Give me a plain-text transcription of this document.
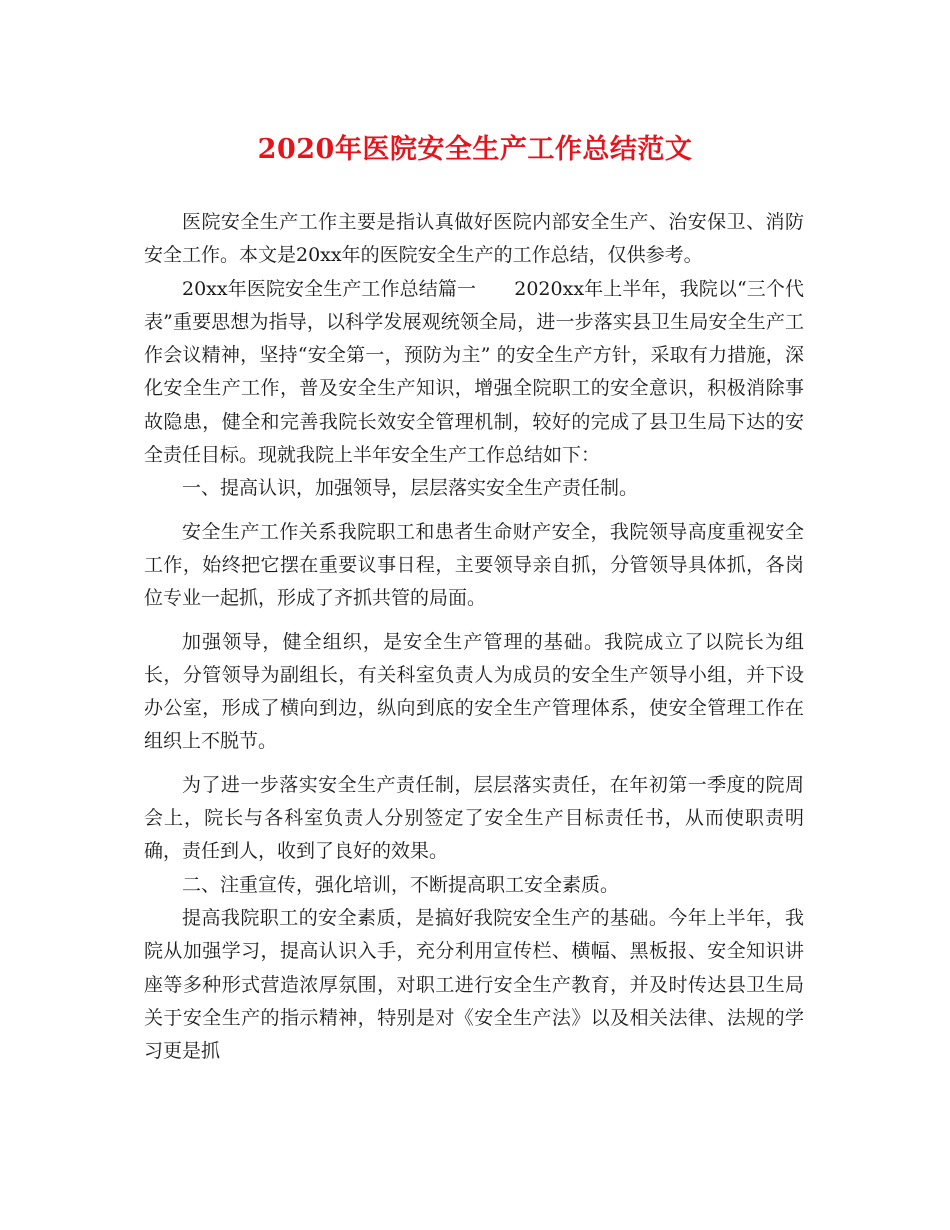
2020年医院安全生产工作总结范文

医院安全生产工作主要是指认真做好医院内部安全生产、治安保卫、消防安全工作。本文是20xx年的医院安全生产的工作总结，仅供参考。

20xx年医院安全生产工作总结篇一　　2020xx年上半年，我院以“三个代表”重要思想为指导，以科学发展观统领全局，进一步落实县卫生局安全生产工作会议精神，坚持“安全第一，预防为主” 的安全生产方针，采取有力措施，深化安全生产工作，普及安全生产知识，增强全院职工的安全意识，积极消除事故隐患，健全和完善我院长效安全管理机制，较好的完成了县卫生局下达的安全责任目标。现就我院上半年安全生产工作总结如下：

一、提高认识，加强领导，层层落实安全生产责任制。

安全生产工作关系我院职工和患者生命财产安全，我院领导高度重视安全工作，始终把它摆在重要议事日程，主要领导亲自抓，分管领导具体抓，各岗位专业一起抓，形成了齐抓共管的局面。

加强领导，健全组织，是安全生产管理的基础。我院成立了以院长为组长，分管领导为副组长，有关科室负责人为成员的安全生产领导小组，并下设办公室，形成了横向到边，纵向到底的安全生产管理体系，使安全管理工作在组织上不脱节。

为了进一步落实安全生产责任制，层层落实责任，在年初第一季度的院周会上，院长与各科室负责人分别签定了安全生产目标责任书，从而使职责明确，责任到人，收到了良好的效果。

二、注重宣传，强化培训，不断提高职工安全素质。

提高我院职工的安全素质，是搞好我院安全生产的基础。今年上半年，我院从加强学习，提高认识入手，充分利用宣传栏、横幅、黑板报、安全知识讲座等多种形式营造浓厚氛围，对职工进行安全生产教育，并及时传达县卫生局关于安全生产的指示精神，特别是对《安全生产法》以及相关法律、法规的学习更是抓
